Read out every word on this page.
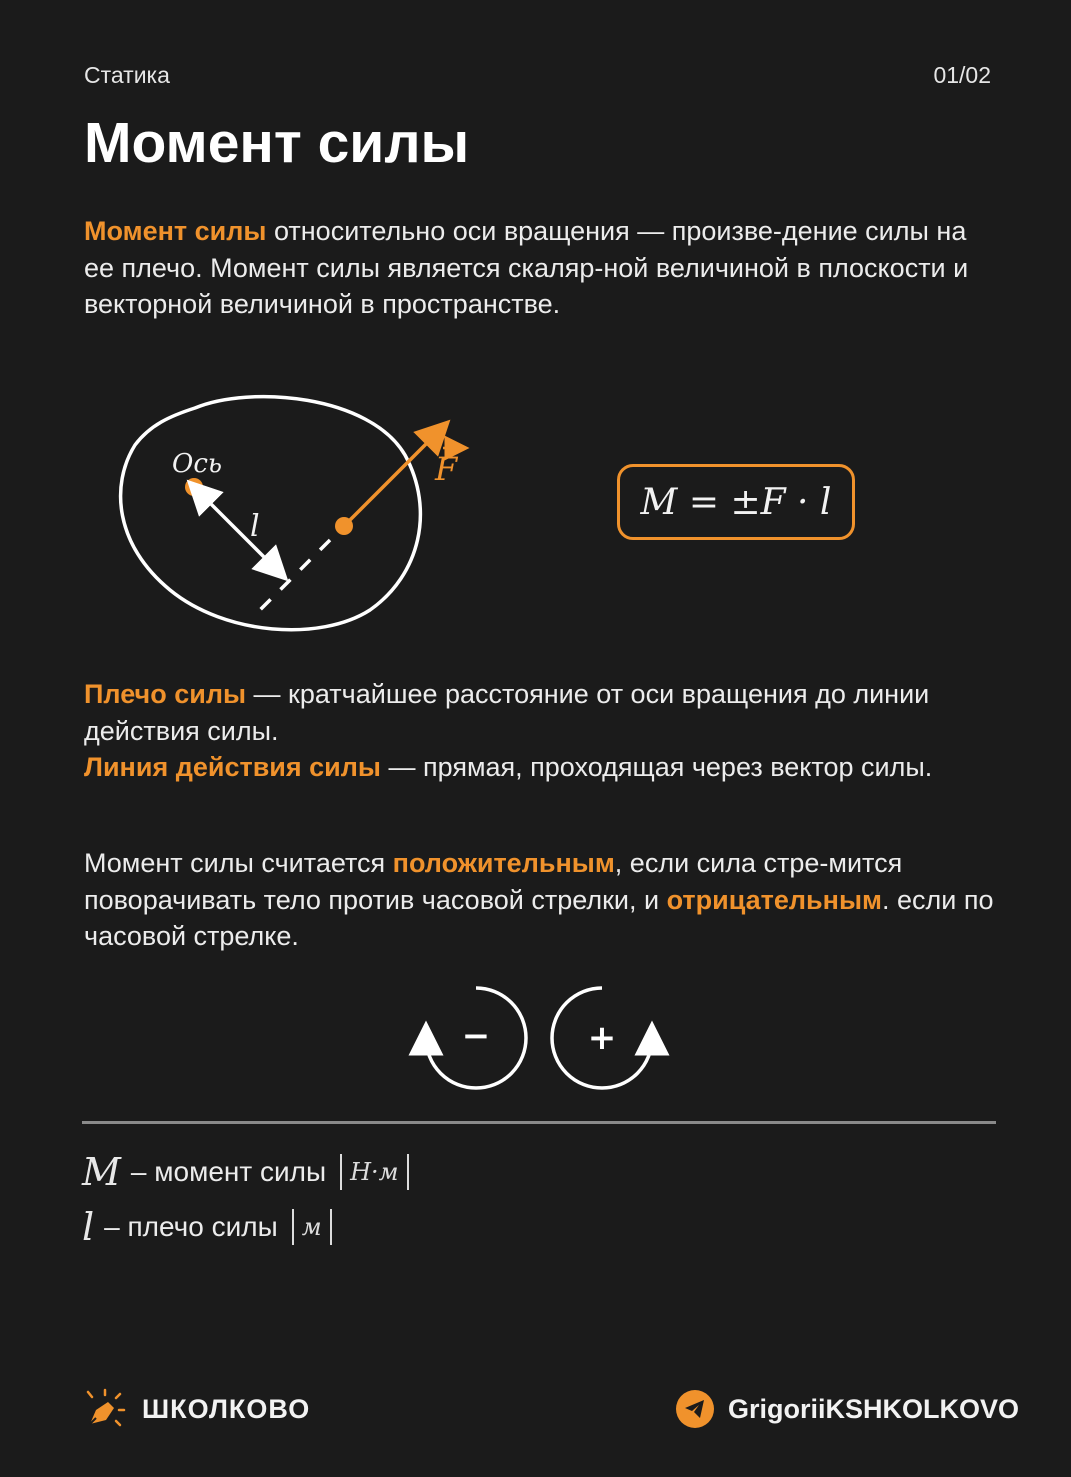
Статика	01/02
Момент силы

Момент силы относительно оси вращения — произве-дение силы на ее плечо. Момент силы является скаляр-ной величиной в плоскости и векторной величиной в пространстве.

Ось
l
F
M = ±F · l

Плечо силы — кратчайшее расстояние от оси вращения до линии действия силы.
Линия действия силы — прямая, проходящая через вектор силы.

Момент силы считается положительным, если сила стре-мится поворачивать тело против часовой стрелки, и отрицательным. если по часовой стрелке.

−	+
M – момент силы	Н·м
l – плечо силы	м
ШКОЛКОВО	GrigoriiKSHKOLKOVO
